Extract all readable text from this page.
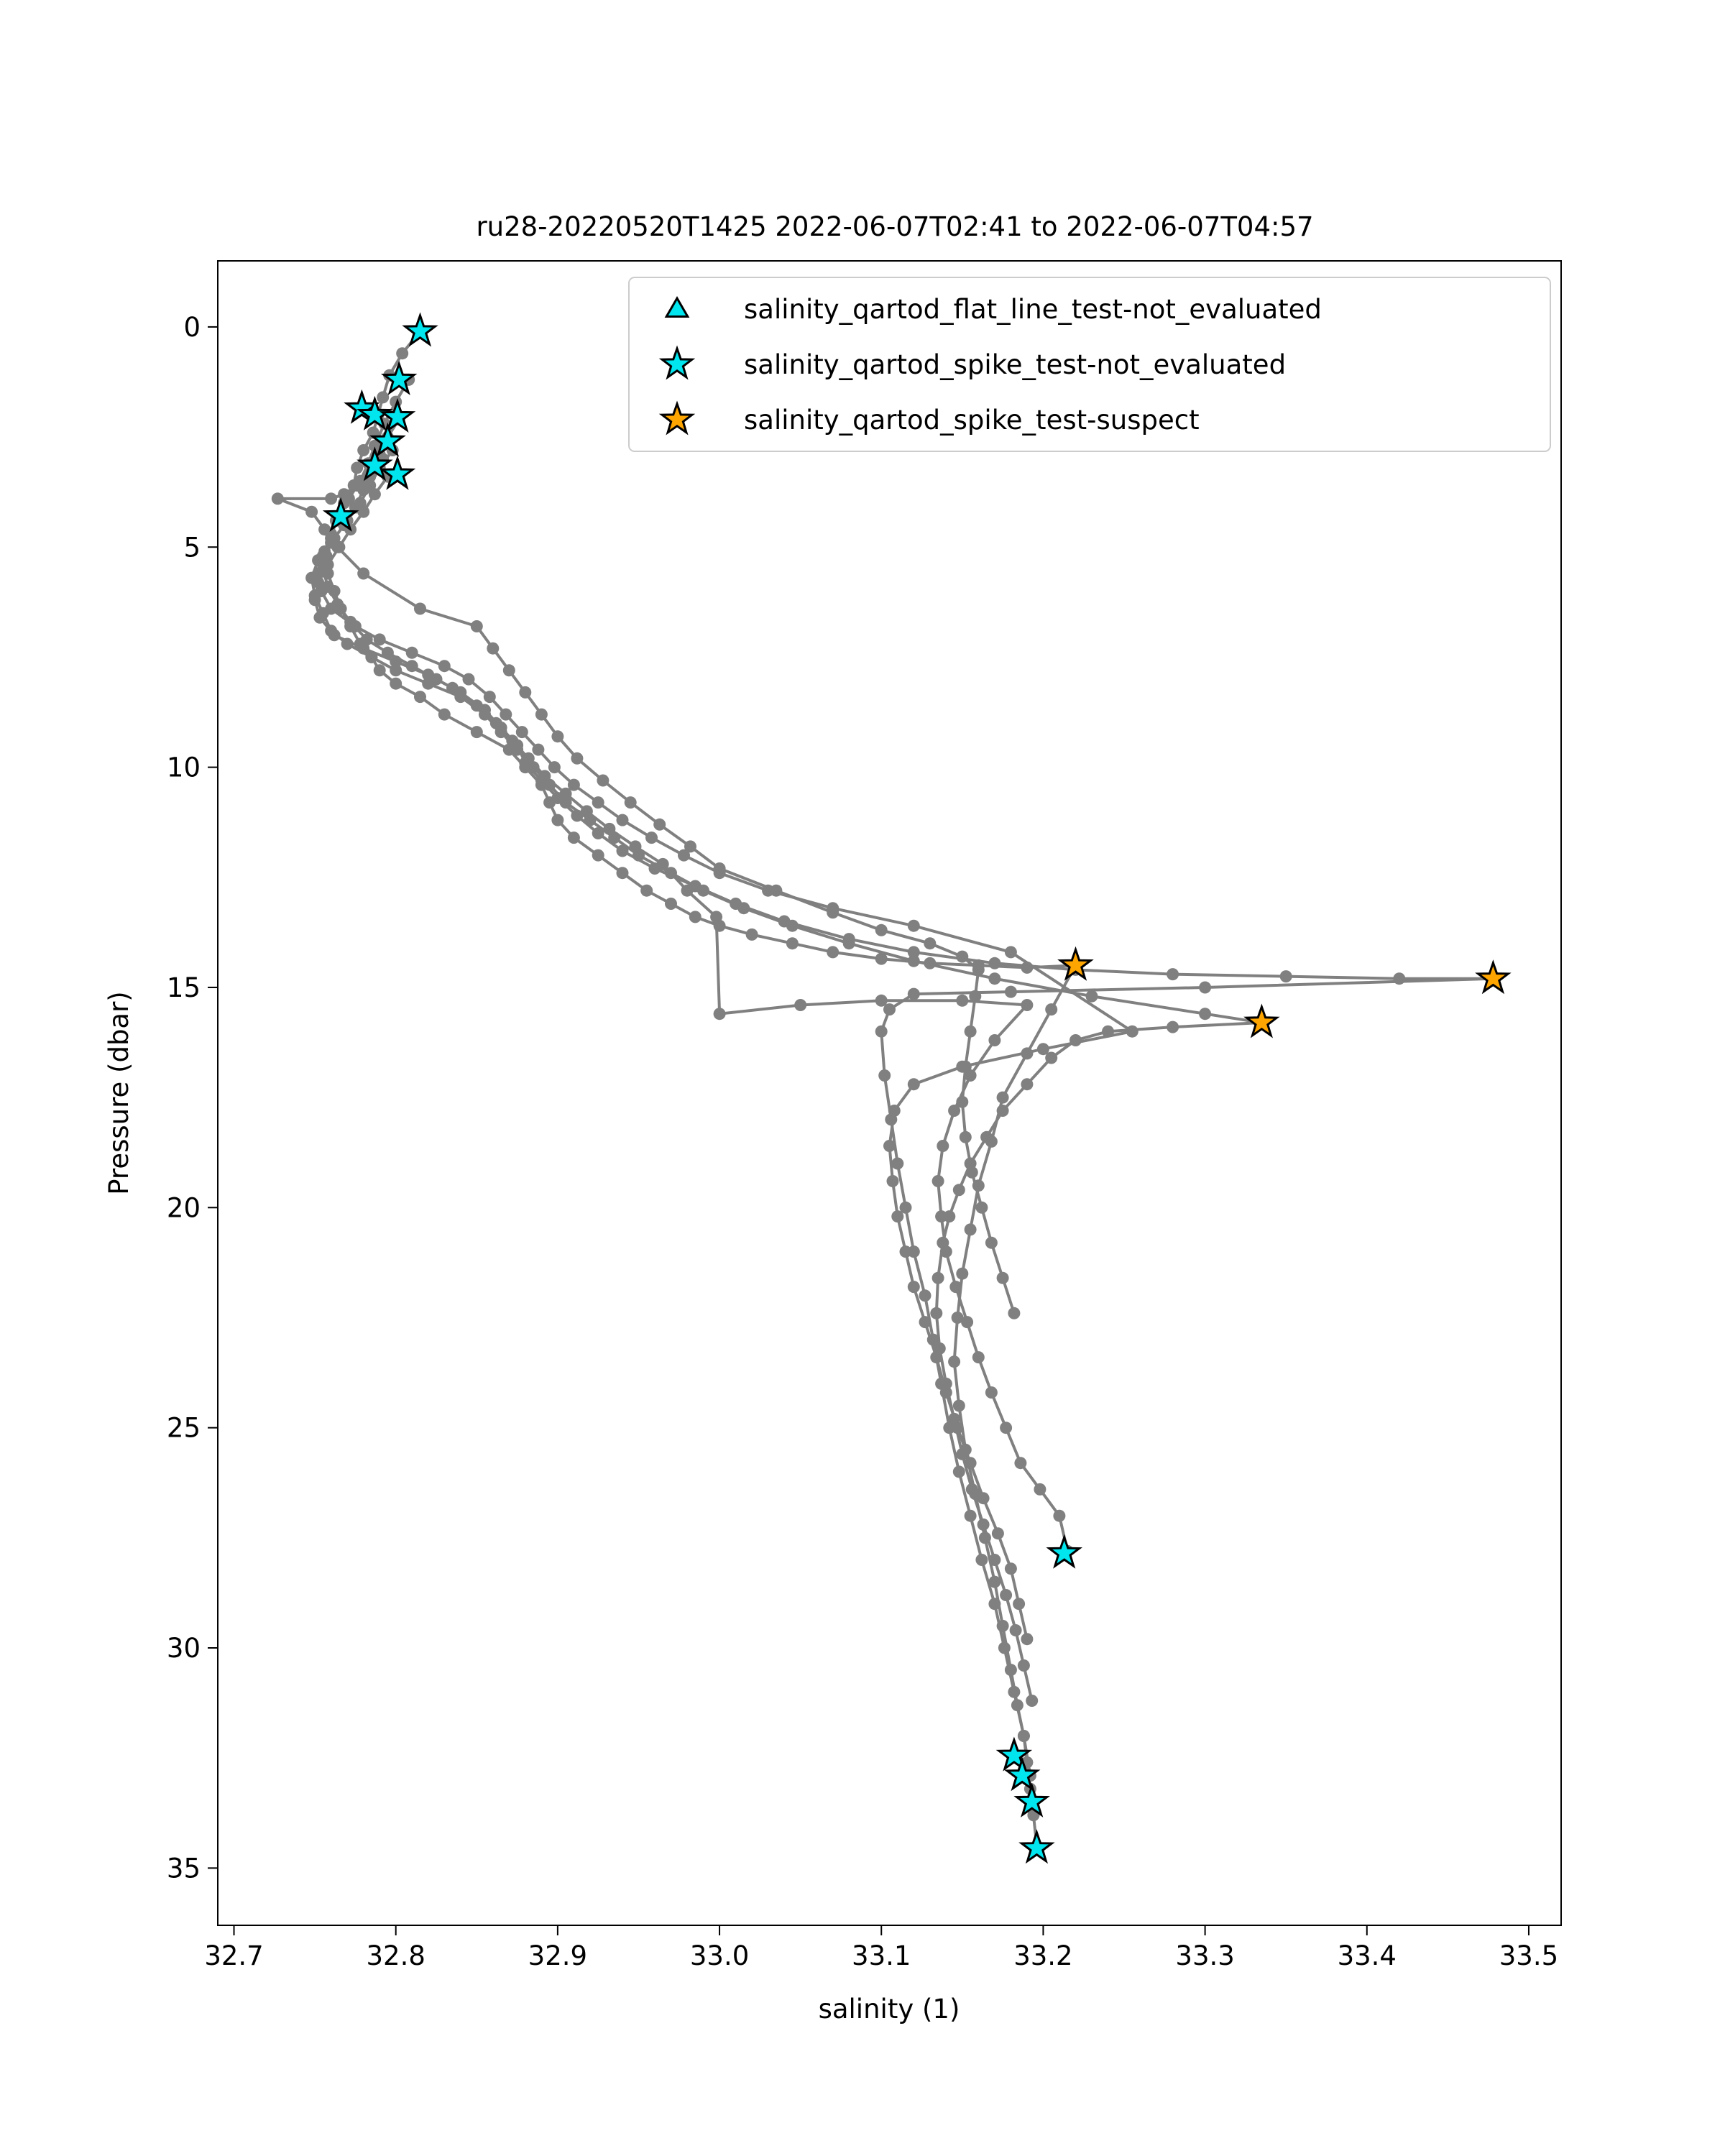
ru28-20220520T1425 2022-06-07T02:41 to 2022-06-07T04:57
32.7	32.8	32.9	33.0	33.1	33.2	33.3	33.4	33.5
0
5
10
15
20
25
30
35
salinity (1)
Pressure (dbar)
salinity_qartod_flat_line_test-not_evaluated
salinity_qartod_spike_test-not_evaluated
salinity_qartod_spike_test-suspect
